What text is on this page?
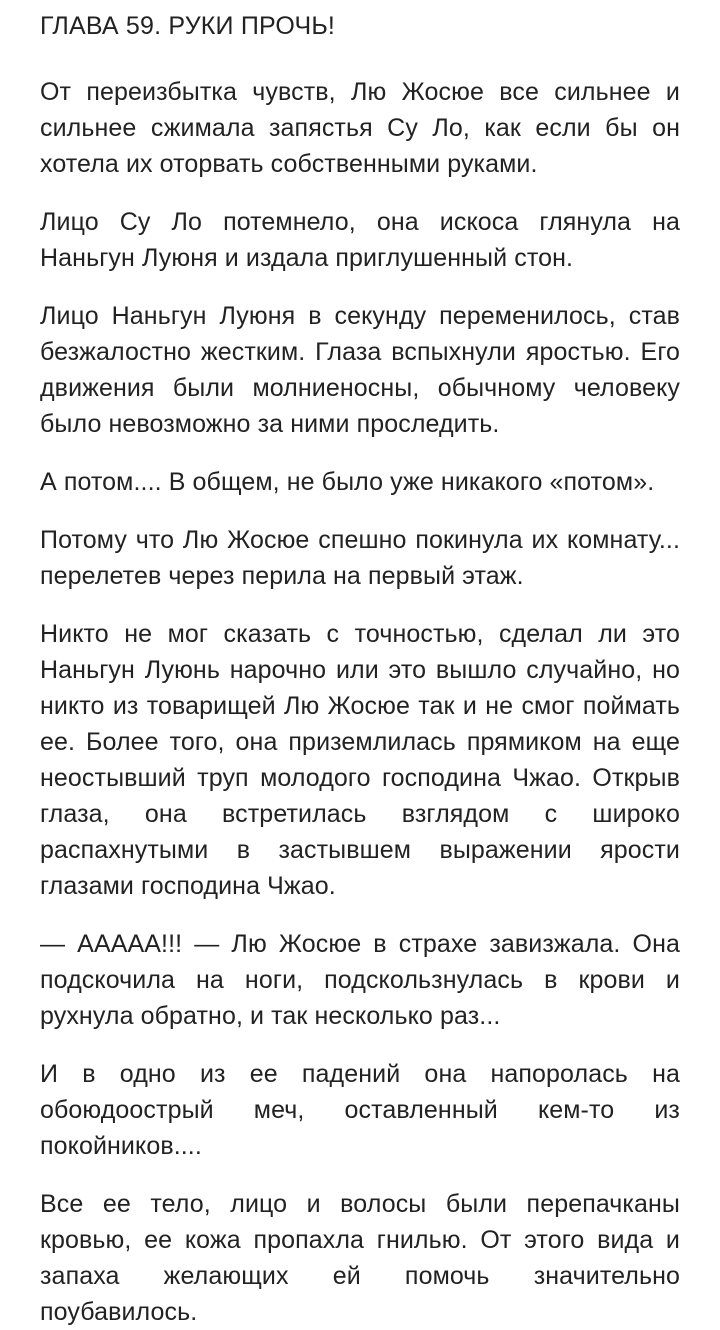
ГЛАВА 59. РУКИ ПРОЧЬ!

От переизбытка чувств, Лю Жосюе все сильнее и сильнее сжимала запястья Су Ло, как если бы он хотела их оторвать собственными руками.

Лицо Су Ло потемнело, она искоса глянула на Наньгун Луюня и издала приглушенный стон.

Лицо Наньгун Луюня в секунду переменилось, став безжалостно жестким. Глаза вспыхнули яростью. Его движения были молниеносны, обычному человеку было невозможно за ними проследить.

А потом.... В общем, не было уже никакого «потом».

Потому что Лю Жосюе спешно покинула их комнату... перелетев через перила на первый этаж.

Никто не мог сказать с точностью, сделал ли это Наньгун Луюнь нарочно или это вышло случайно, но никто из товарищей Лю Жосюе так и не смог поймать ее. Более того, она приземлилась прямиком на еще неостывший труп молодого господина Чжао. Открыв глаза, она встретилась взглядом с широко распахнутыми в застывшем выражении ярости глазами господина Чжао.

— ААААА!!! — Лю Жосюе в страхе завизжала. Она подскочила на ноги, подскользнулась в крови и рухнула обратно, и так несколько раз...

И в одно из ее падений она напоролась на обоюдоострый меч, оставленный кем-то из покойников....

Все ее тело, лицо и волосы были перепачканы кровью, ее кожа пропахла гнилью. От этого вида и запаха желающих ей помочь значительно поубавилось.
